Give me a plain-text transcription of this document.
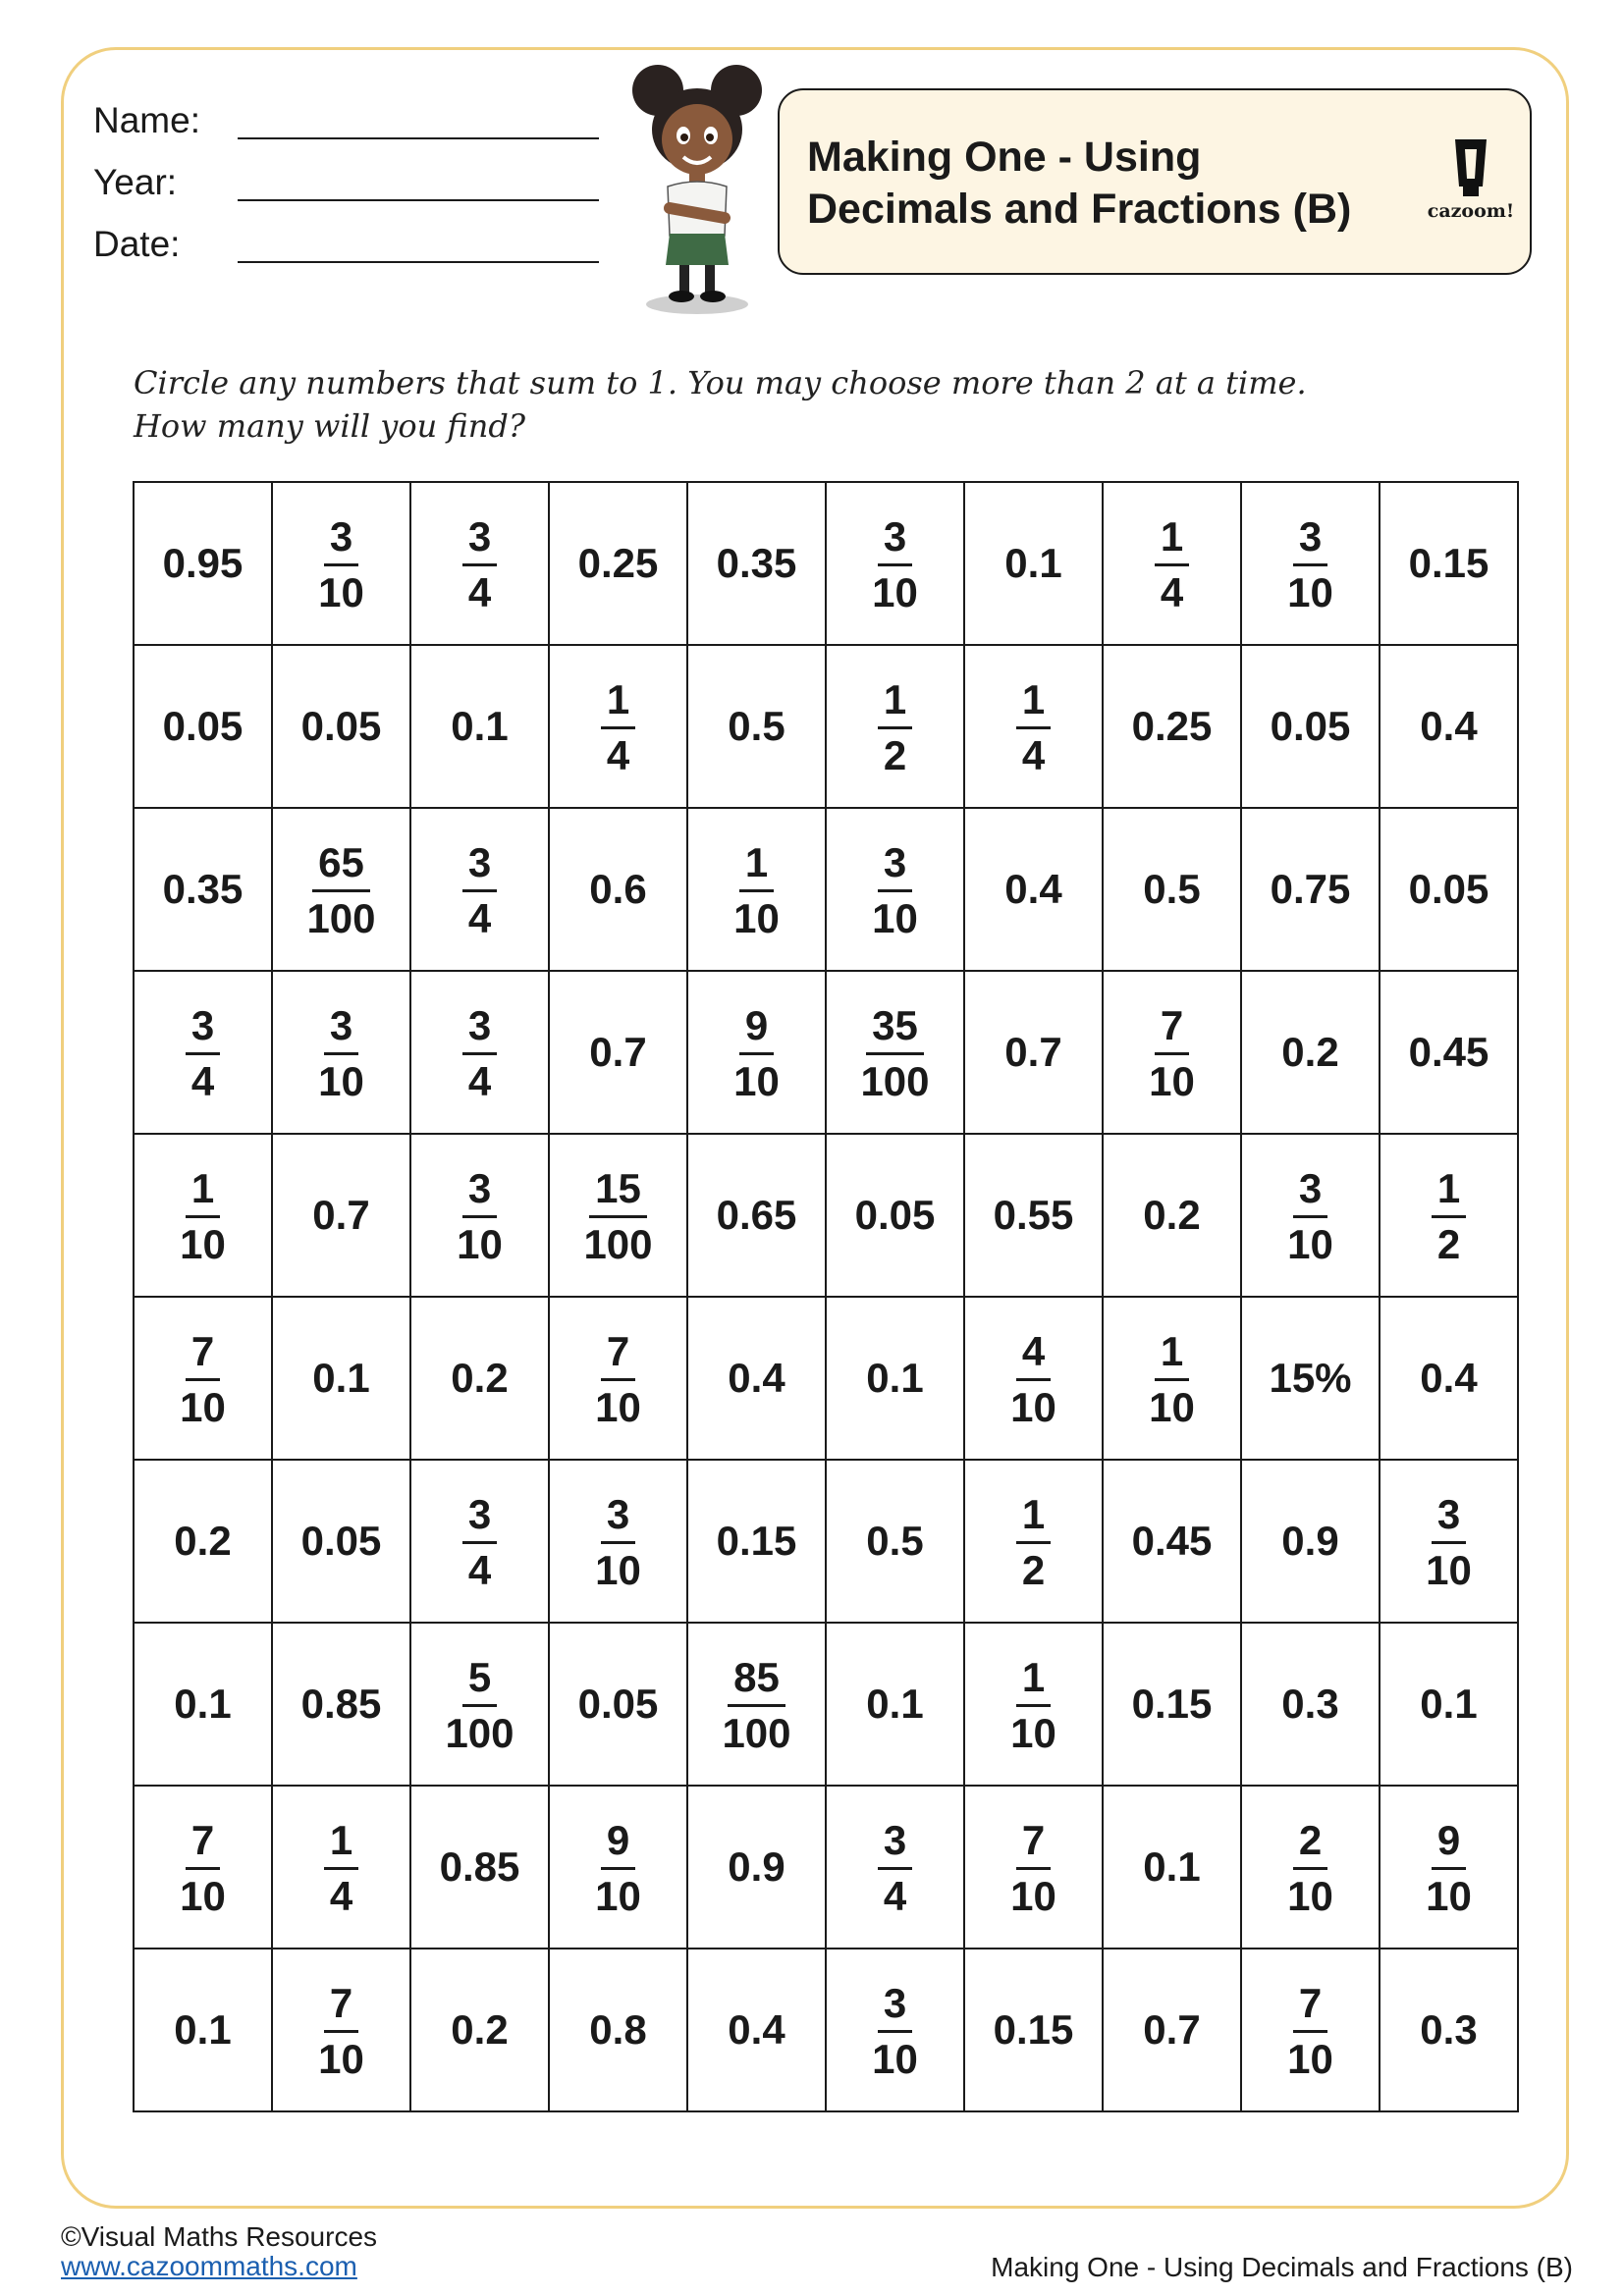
Name:
Year:
Date:
Making One - Using
Decimals and Fractions (B)	cazoom!

Circle any numbers that sum to 1. You may choose more than 2 at a time.

How many will you find?

0.95	$\frac{3}{10}$	$\frac{3}{4}$	0.25	0.35	$\frac{3}{10}$	0.1	$\frac{1}{4}$	$\frac{3}{10}$	0.15
0.05	0.05	0.1	$\frac{1}{4}$	0.5	$\frac{1}{2}$	$\frac{1}{4}$	0.25	0.05	0.4
0.35	$\frac{65}{100}$	$\frac{3}{4}$	0.6	$\frac{1}{10}$	$\frac{3}{10}$	0.4	0.5	0.75	0.05

$\frac{3}{4}$	$\frac{3}{10}$	$\frac{3}{4}$	0.7	$\frac{9}{10}$	$\frac{35}{100}$	0.7	$\frac{7}{10}$	0.2	0.45

$\frac{1}{10}$	0.7	$\frac{3}{10}$	$\frac{15}{100}$	0.65	0.05	0.55	0.2	$\frac{3}{10}$	$\frac{1}{2}$

$\frac{7}{10}$	0.1	0.2	$\frac{7}{10}$	0.4	0.1	$\frac{4}{10}$	$\frac{1}{10}$	15%	0.4
0.2	0.05	$\frac{3}{4}$	$\frac{3}{10}$	0.15	0.5	$\frac{1}{2}$	0.45	0.9	$\frac{3}{10}$

0.1	0.85	$\frac{5}{100}$	0.05	$\frac{85}{100}$	0.1	$\frac{1}{10}$	0.15	0.3	0.1

$\frac{7}{10}$	$\frac{1}{4}$	0.85	$\frac{9}{10}$	0.9	$\frac{3}{4}$	$\frac{7}{10}$	0.1	$\frac{2}{10}$	$\frac{9}{10}$

0.1	$\frac{7}{10}$	0.2	0.8	0.4	$\frac{3}{10}$	0.15	0.7	$\frac{7}{10}$	0.3
©Visual Maths Resources
www.cazoommaths.com	Making One - Using Decimals and Fractions (B)
